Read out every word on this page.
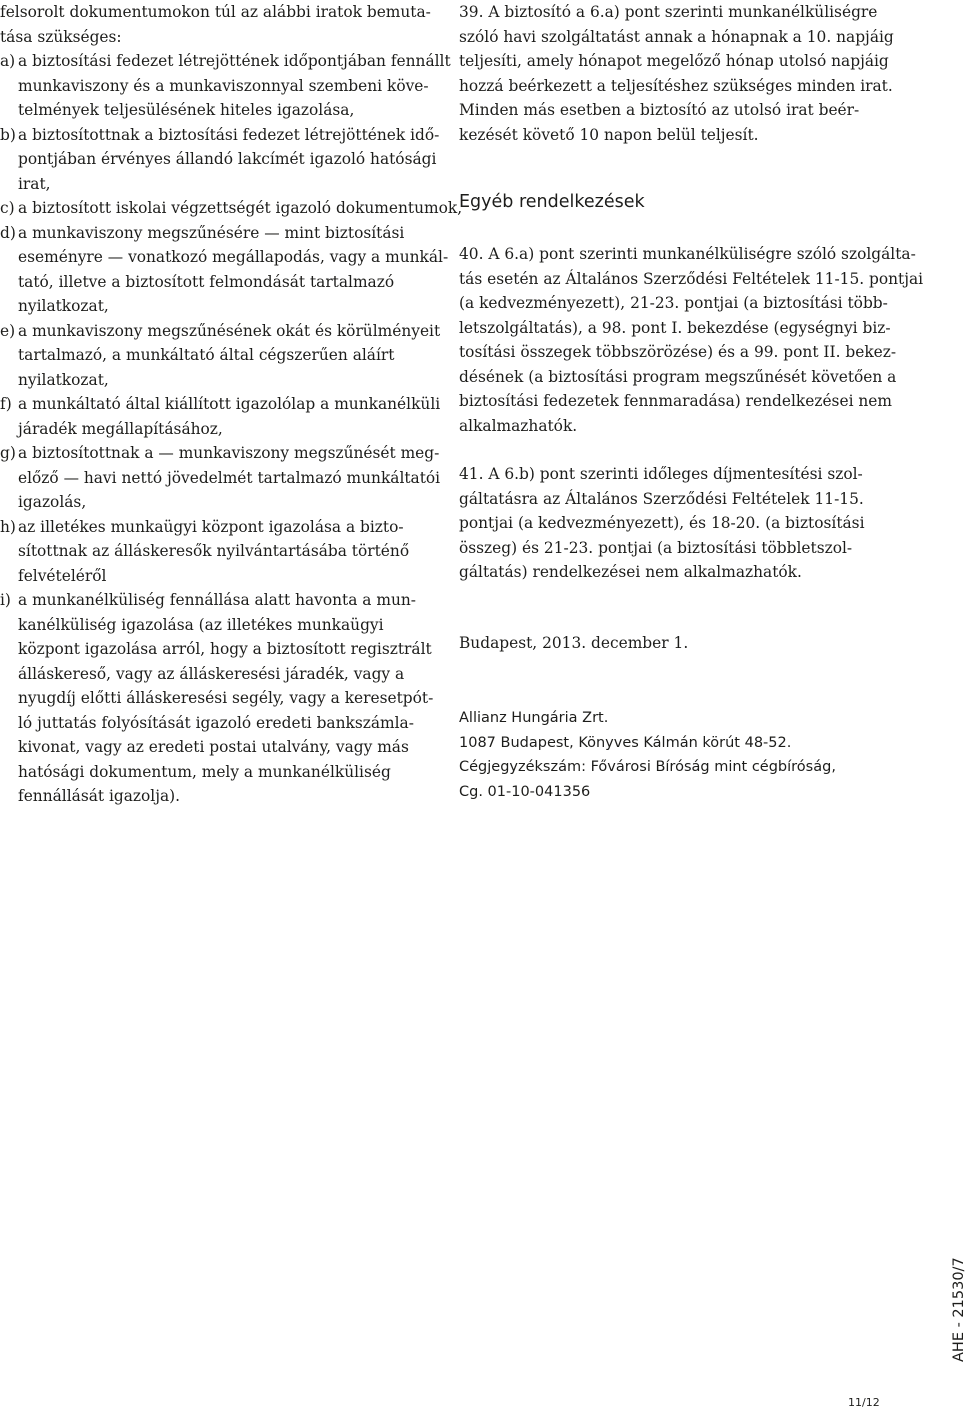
felsorolt dokumentumokon túl az alábbi iratok bemuta-
tása szükséges:
a) a biztosítási fedezet létrejöttének időpontjában fennállt
munkaviszony és a munkaviszonnyal szembeni köve-
telmények teljesülésének hiteles igazolása,
b) a biztosítottnak a biztosítási fedezet létrejöttének idő-
pontjában érvényes állandó lakcímét igazoló hatósági
irat,
c) a biztosított iskolai végzettségét igazoló dokumentumok,
d) a munkaviszony megszűnésére — mint biztosítási
eseményre — vonatkozó megállapodás, vagy a munkál-
tató, illetve a biztosított felmondását tartalmazó
nyilatkozat,
e) a munkaviszony megszűnésének okát és körülményeit
tartalmazó, a munkáltató által cégszerűen aláírt
nyilatkozat,
f) a munkáltató által kiállított igazolólap a munkanélküli
járadék megállapításához,
g) a biztosítottnak a — munkaviszony megszűnését meg-
előző — havi nettó jövedelmét tartalmazó munkáltatói
igazolás,
h) az illetékes munkaügyi központ igazolása a bizto-
sítottnak az álláskeresők nyilvántartásába történő
felvételéről
i) a munkanélküliség fennállása alatt havonta a mun-
kanélküliség igazolása (az illetékes munkaügyi
központ igazolása arról, hogy a biztosított regisztrált
álláskereső, vagy az álláskeresési járadék, vagy a
nyugdíj előtti álláskeresési segély, vagy a keresetpót-
ló juttatás folyósítását igazoló eredeti bankszámla-
kivonat, vagy az eredeti postai utalvány, vagy más
hatósági dokumentum, mely a munkanélküliség
fennállását igazolja).
39. A biztosító a 6.a) pont szerinti munkanélküliségre
szóló havi szolgáltatást annak a hónapnak a 10. napjáig
teljesíti, amely hónapot megelőző hónap utolsó napjáig
hozzá beérkezett a teljesítéshez szükséges minden irat.
Minden más esetben a biztosító az utolsó irat beér-
kezését követő 10 napon belül teljesít.
Egyéb rendelkezések
40. A 6.a) pont szerinti munkanélküliségre szóló szolgálta-
tás esetén az Általános Szerződési Feltételek 11-15. pontjai
(a kedvezményezett), 21-23. pontjai (a biztosítási több-
letszolgáltatás), a 98. pont I. bekezdése (egységnyi biz-
tosítási összegek többszörözése) és a 99. pont II. bekez-
désének (a biztosítási program megszűnését követően a
biztosítási fedezetek fennmaradása) rendelkezései nem
alkalmazhatók.
41. A 6.b) pont szerinti időleges díjmentesítési szol-
gáltatásra az Általános Szerződési Feltételek 11-15.
pontjai (a kedvezményezett), és 18-20. (a biztosítási
összeg) és 21-23. pontjai (a biztosítási többletszol-
gáltatás) rendelkezései nem alkalmazhatók.
Budapest, 2013. december 1.
Allianz Hungária Zrt.
1087 Budapest, Könyves Kálmán körút 48-52.
Cégjegyzékszám: Fővárosi Bíróság mint cégbíróság,
Cg. 01-10-041356
AHE - 21530/7
11/12
